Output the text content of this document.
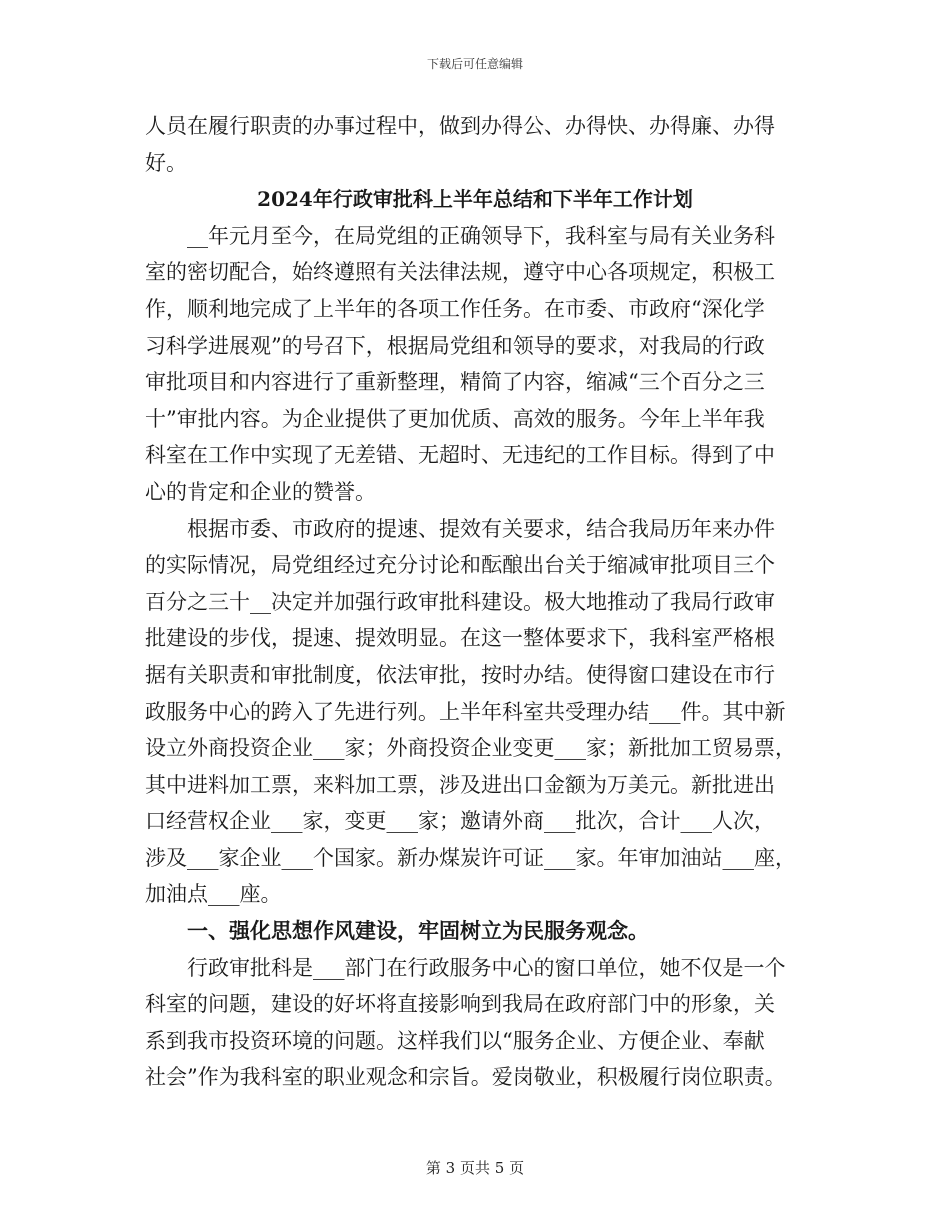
下载后可任意编辑
人员在履行职责的办事过程中，做到办得公、办得快、办得廉、办得
好。
2024年行政审批科上半年总结和下半年工作计划
__年元月至今，在局党组的正确领导下，我科室与局有关业务科
室的密切配合，始终遵照有关法律法规，遵守中心各项规定，积极工
作，顺利地完成了上半年的各项工作任务。在市委、市政府“深化学
习科学进展观”的号召下，根据局党组和领导的要求，对我局的行政
审批项目和内容进行了重新整理，精简了内容，缩减“三个百分之三
十”审批内容。为企业提供了更加优质、高效的服务。今年上半年我
科室在工作中实现了无差错、无超时、无违纪的工作目标。得到了中
心的肯定和企业的赞誉。
根据市委、市政府的提速、提效有关要求，结合我局历年来办件
的实际情况，局党组经过充分讨论和酝酿出台关于缩减审批项目三个
百分之三十__决定并加强行政审批科建设。极大地推动了我局行政审
批建设的步伐，提速、提效明显。在这一整体要求下，我科室严格根
据有关职责和审批制度，依法审批，按时办结。使得窗口建设在市行
政服务中心的跨入了先进行列。上半年科室共受理办结___件。其中新
设立外商投资企业___家；外商投资企业变更___家；新批加工贸易票，
其中进料加工票，来料加工票，涉及进出口金额为万美元。新批进出
口经营权企业___家，变更___家；邀请外商___批次，合计___人次，
涉及___家企业___个国家。新办煤炭许可证___家。年审加油站___座，
加油点___座。
一、强化思想作风建设，牢固树立为民服务观念。
行政审批科是___部门在行政服务中心的窗口单位，她不仅是一个
科室的问题，建设的好坏将直接影响到我局在政府部门中的形象，关
系到我市投资环境的问题。这样我们以“服务企业、方便企业、奉献
社会”作为我科室的职业观念和宗旨。爱岗敬业，积极履行岗位职责。
第 3 页共 5 页
